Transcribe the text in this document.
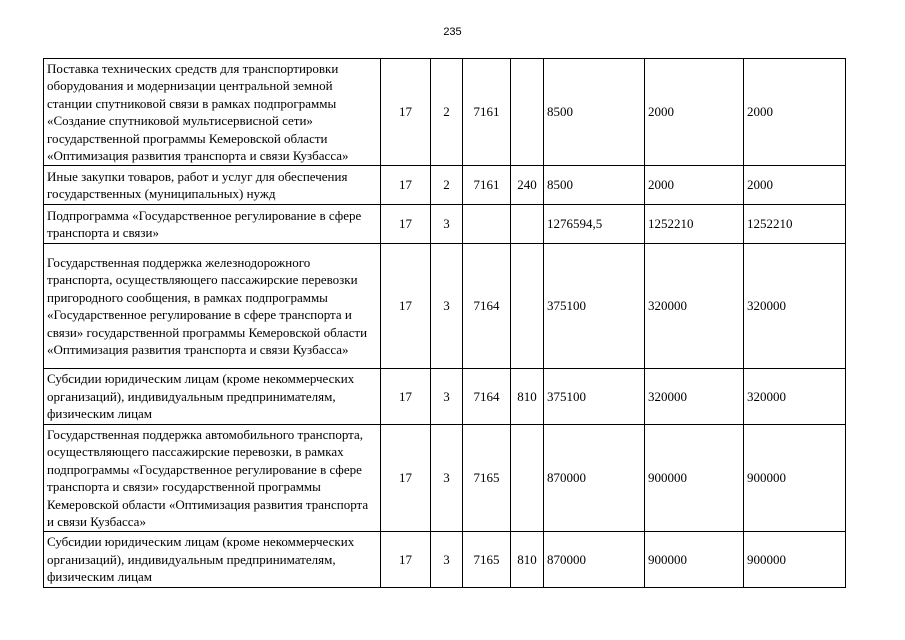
235
Поставка технических средств для транспортировки оборудования и модернизации центральной земной станции спутниковой связи в рамках подпрограммы «Создание спутниковой мультисервисной сети» государственной программы Кемеровской области «Оптимизация развития транспорта и связи Кузбасса»	17	2	7161		8500	2000	2000
Иные закупки товаров, работ и услуг для обеспечения государственных (муниципальных) нужд	17	2	7161	240	8500	2000	2000
Подпрограмма «Государственное регулирование в сфере транспорта и связи»	17	3			1276594,5	1252210	1252210
Государственная поддержка железнодорожного транспорта, осуществляющего пассажирские перевозки пригородного сообщения, в рамках подпрограммы «Государственное регулирование в сфере транспорта и связи» государственной программы Кемеровской области «Оптимизация развития транспорта и связи Кузбасса»	17	3	7164		375100	320000	320000
Субсидии юридическим лицам (кроме некоммерческих организаций), индивидуальным предпринимателям, физическим лицам	17	3	7164	810	375100	320000	320000
Государственная поддержка автомобильного транспорта, осуществляющего пассажирские перевозки, в рамках подпрограммы «Государственное регулирование в сфере транспорта и связи» государственной программы Кемеровской области «Оптимизация развития транспорта и связи Кузбасса»	17	3	7165		870000	900000	900000
Субсидии юридическим лицам (кроме некоммерческих организаций), индивидуальным предпринимателям, физическим лицам	17	3	7165	810	870000	900000	900000
